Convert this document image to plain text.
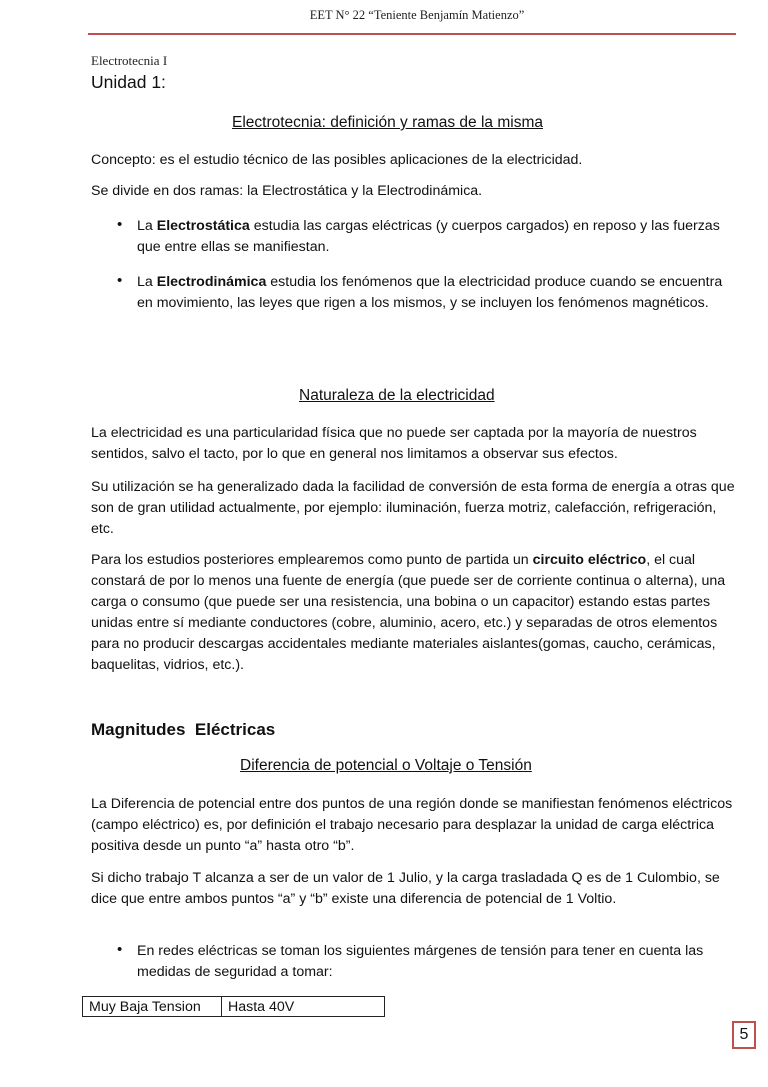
EET N° 22 “Teniente Benjamín Matienzo”
Electrotecnia I
Unidad 1:
Electrotecnia: definición y ramas de la misma

Concepto: es el estudio técnico de las posibles aplicaciones de la electricidad.

Se divide en dos ramas: la Electrostática y la Electrodinámica.

• La Electrostática estudia las cargas eléctricas (y cuerpos cargados) en reposo y las fuerzas que entre ellas se manifiestan.

• La Electrodinámica estudia los fenómenos que la electricidad produce cuando se encuentra en movimiento, las leyes que rigen a los mismos, y se incluyen los fenómenos magnéticos.

Naturaleza de la electricidad

La electricidad es una particularidad física que no puede ser captada por la mayoría de nuestros sentidos, salvo el tacto, por lo que en general nos limitamos a observar sus efectos.

Su utilización se ha generalizado dada la facilidad de conversión de esta forma de energía a otras que son de gran utilidad actualmente, por ejemplo: iluminación, fuerza motriz, calefacción, refrigeración, etc.

Para los estudios posteriores emplearemos como punto de partida un circuito eléctrico, el cual constará de por lo menos una fuente de energía (que puede ser de corriente continua o alterna), una carga o consumo (que puede ser una resistencia, una bobina o un capacitor) estando estas partes unidas entre sí mediante conductores (cobre, aluminio, acero, etc.) y separadas de otros elementos para no producir descargas accidentales mediante materiales aislantes(gomas, caucho, cerámicas, baquelitas, vidrios, etc.).

Magnitudes  Eléctricas
Diferencia de potencial o Voltaje o Tensión

La Diferencia de potencial entre dos puntos de una región donde se manifiestan fenómenos eléctricos (campo eléctrico) es, por definición el trabajo necesario para desplazar la unidad de carga eléctrica positiva desde un punto “a” hasta otro “b”.

Si dicho trabajo T alcanza a ser de un valor de 1 Julio, y la carga trasladada Q es de 1 Culombio, se dice que entre ambos puntos “a” y “b” existe una diferencia de potencial de 1 Voltio.

• En redes eléctricas se toman los siguientes márgenes de tensión para tener en cuenta las medidas de seguridad a tomar:

Muy Baja Tension	Hasta 40V
5
